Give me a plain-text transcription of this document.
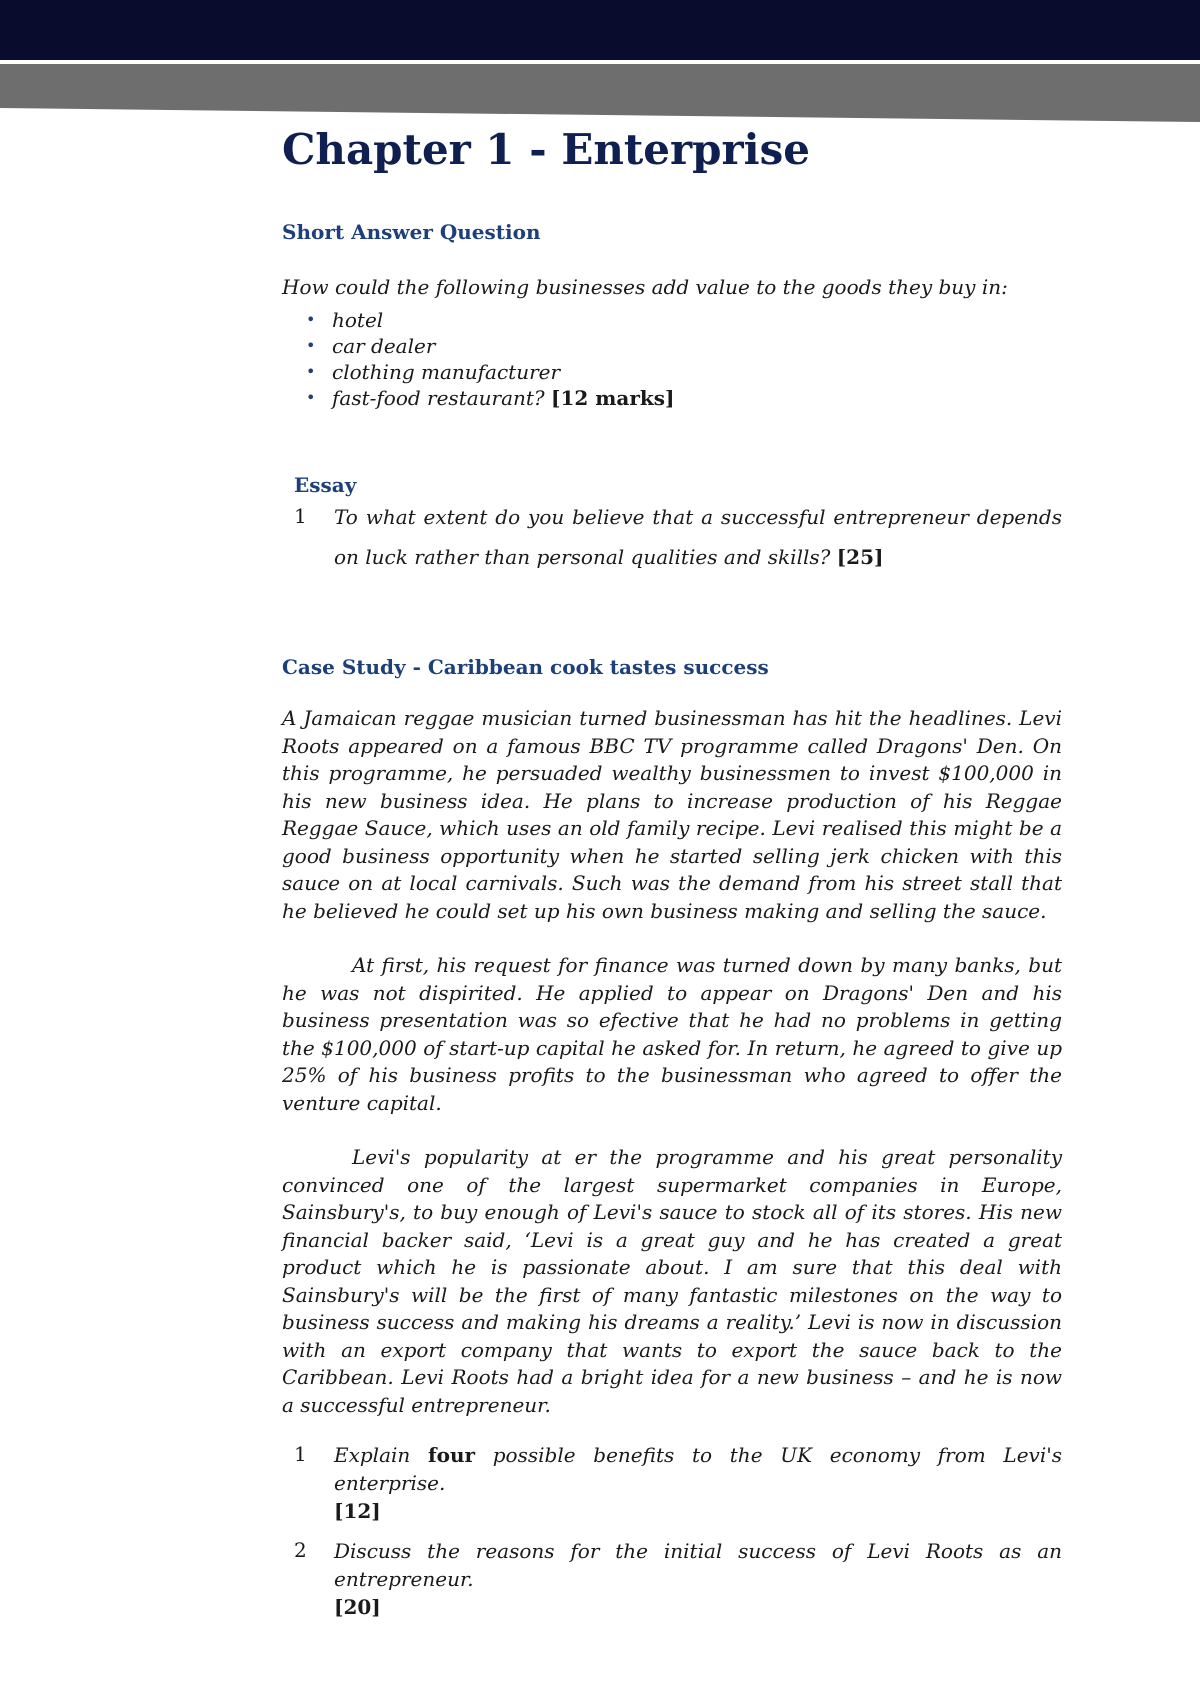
Chapter 1 - Enterprise
Short Answer Question

How could the following businesses add value to the goods they buy in:

• hotel
• car dealer
• clothing manufacturer
• fast-food restaurant? [12 marks]
Essay
1	To what extent do you believe that a successful entrepreneur depends on luck rather than personal qualities and skills? [25]
Case Study - Caribbean cook tastes success

A Jamaican reggae musician turned businessman has hit the headlines. Levi Roots appeared on a famous BBC TV programme called Dragons' Den. On this programme, he persuaded wealthy businessmen to invest $100,000 in his new business idea. He plans to increase production of his Reggae Reggae Sauce, which uses an old family recipe. Levi realised this might be a good business opportunity when he started selling jerk chicken with this sauce on at local carnivals. Such was the demand from his street stall that he believed he could set up his own business making and selling the sauce.

At first, his request for finance was turned down by many banks, but he was not dispirited. He applied to appear on Dragons' Den and his business presentation was so efective that he had no problems in getting the $100,000 of start-up capital he asked for. In return, he agreed to give up 25% of his business profits to the businessman who agreed to offer the venture capital.

Levi's popularity at er the programme and his great personality convinced one of the largest supermarket companies in Europe, Sainsbury's, to buy enough of Levi's sauce to stock all of its stores. His new financial backer said, ‘Levi is a great guy and he has created a great product which he is passionate about. I am sure that this deal with Sainsbury's will be the first of many fantastic milestones on the way to business success and making his dreams a reality.’ Levi is now in discussion with an export company that wants to export the sauce back to the Caribbean. Levi Roots had a bright idea for a new business – and he is now a successful entrepreneur.

1	Explain four possible benefits to the UK economy from Levi's enterprise.
[12]
2	Discuss the reasons for the initial success of Levi Roots as an entrepreneur.
[20]
